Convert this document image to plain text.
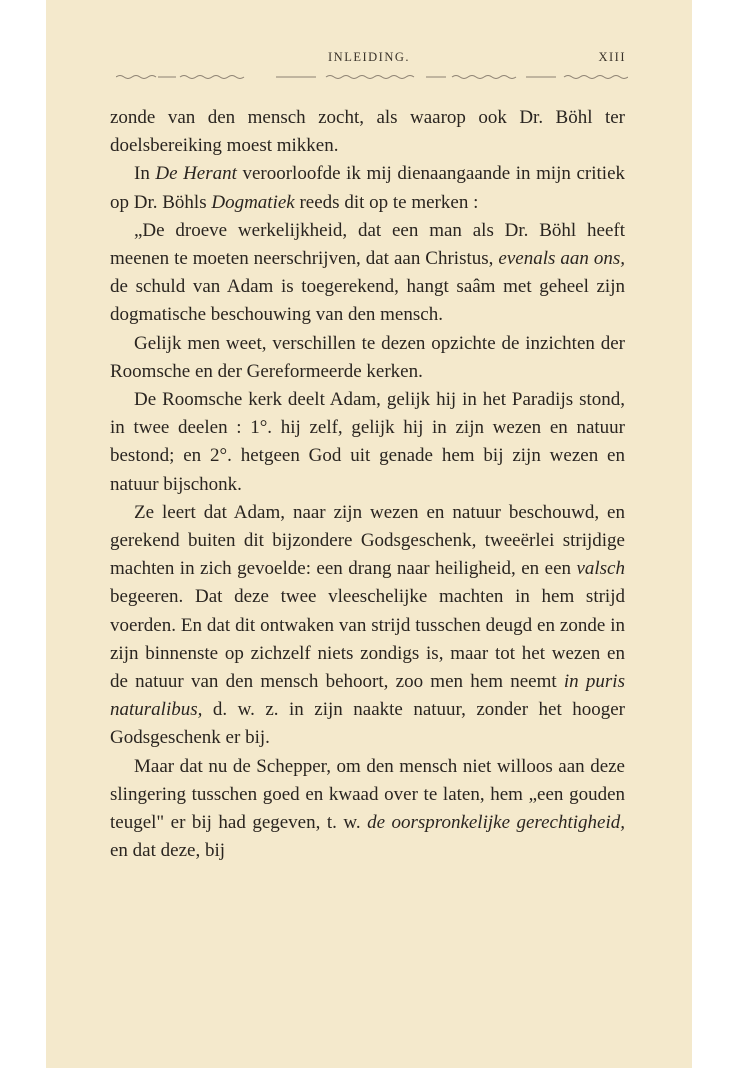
INLEIDING.	XIII

zonde van den mensch zocht, als waarop ook Dr. Böhl ter doelsbereiking moest mikken.

In De Herant veroorloofde ik mij dienaangaande in mijn critiek op Dr. Böhls Dogmatiek reeds dit op te merken :

„De droeve werkelijkheid, dat een man als Dr. Böhl heeft meenen te moeten neerschrijven, dat aan Christus, evenals aan ons, de schuld van Adam is toegerekend, hangt saâm met geheel zijn dogmatische beschouwing van den mensch.

Gelijk men weet, verschillen te dezen opzichte de inzichten der Roomsche en der Gereformeerde kerken.

De Roomsche kerk deelt Adam, gelijk hij in het Paradijs stond, in twee deelen : 1°. hij zelf, gelijk hij in zijn wezen en natuur bestond; en 2°. hetgeen God uit genade hem bij zijn wezen en natuur bijschonk.

Ze leert dat Adam, naar zijn wezen en natuur beschouwd, en gerekend buiten dit bijzondere Godsgeschenk, tweeërlei strijdige machten in zich gevoelde: een drang naar heiligheid, en een valsch begeeren. Dat deze twee vleeschelijke machten in hem strijd voerden. En dat dit ontwaken van strijd tusschen deugd en zonde in zijn binnenste op zichzelf niets zondigs is, maar tot het wezen en de natuur van den mensch behoort, zoo men hem neemt in puris naturalibus, d. w. z. in zijn naakte natuur, zonder het hooger Godsgeschenk er bij.

Maar dat nu de Schepper, om den mensch niet willoos aan deze slingering tusschen goed en kwaad over te laten, hem „een gouden teugel" er bij had gegeven, t. w. de oorspronkelijke gerechtigheid, en dat deze, bij
